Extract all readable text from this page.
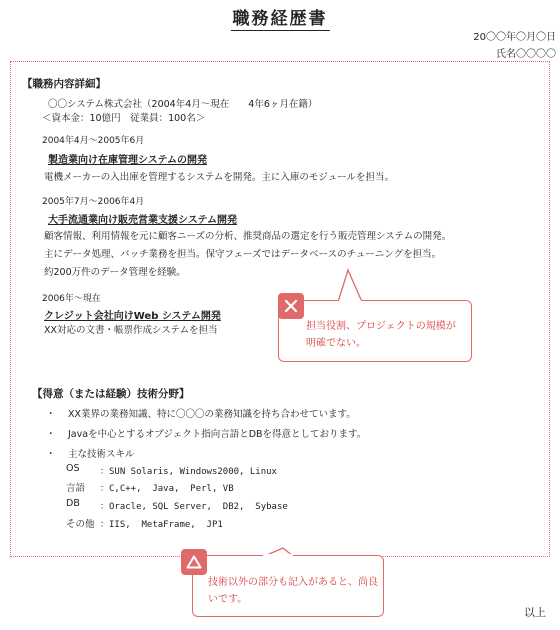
職務経歴書
20〇〇年〇月〇日
氏名〇〇〇〇
【職務内容詳細】
〇〇システム株式会社（2004年4月〜現在　　4年6ヶ月在籍）
＜資本金：10億円　従業員：100名＞
2004年4月〜2005年6月
製造業向け在庫管理システムの開発
電機メーカーの入出庫を管理するシステムを開発。主に入庫のモジュールを担当。
2005年7月〜2006年4月
大手流通業向け販売営業支援システム開発
顧客情報、利用情報を元に顧客ニーズの分析、推奨商品の選定を行う販売管理システムの開発。
主にデータ処理、バッチ業務を担当。保守フェーズではデータベースのチューニングを担当。
約200万件のデータ管理を経験。
2006年〜現在
クレジット会社向けWeb システム開発
XX対応の文書・帳票作成システムを担当	担当役割、プロジェクトの規模が明確でない。
【得意（または経験）技術分野】
・ XX業界の業務知識、特に〇〇〇の業務知識を持ち合わせています。
・ Javaを中心とするオブジェクト指向言語とDBを得意としております。
・ 主な技術スキル
OS ：SUN Solaris, Windows2000, Linux
言語 ：C,C++,  Java,  Perl, VB
DB ：Oracle, SQL Server,  DB2,  Sybase
その他 ：IIS,  MetaFrame,  JP1
技術以外の部分も記入があると、尚良いです。
以上
